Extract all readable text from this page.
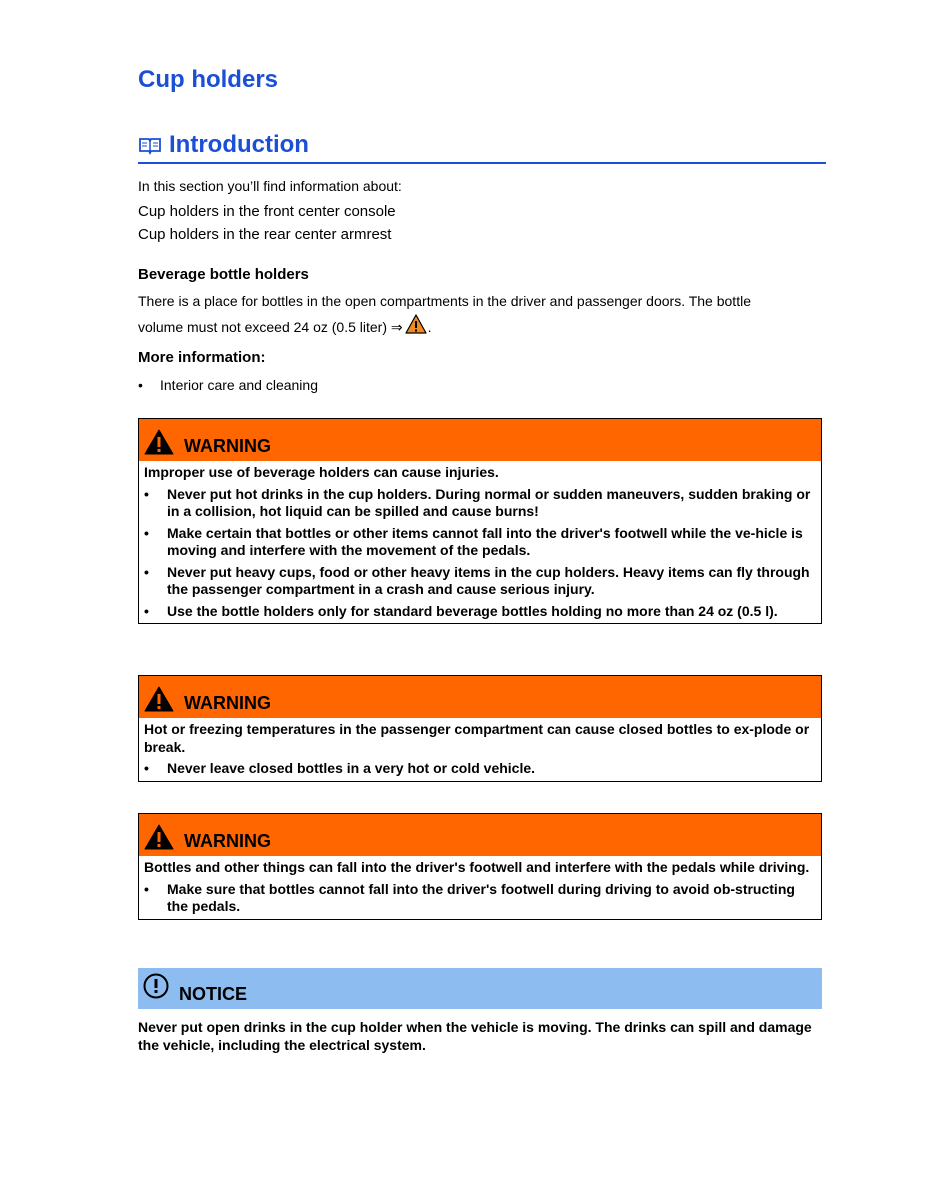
Cup holders
Introduction
In this section you’ll find information about:
Cup holders in the front center console
Cup holders in the rear center armrest
Beverage bottle holders
There is a place for bottles in the open compartments in the driver and passenger doors. The bottle
volume must not exceed 24 oz (0.5 liter) ⇒ .
More information:
•	Interior care and cleaning
WARNING
Improper use of beverage holders can cause injuries.
•	Never put hot drinks in the cup holders. During normal or sudden maneuvers, sudden braking or in a collision, hot liquid can be spilled and cause burns!
•	Make certain that bottles or other items cannot fall into the driver's footwell while the ve-hicle is moving and interfere with the movement of the pedals.
•	Never put heavy cups, food or other heavy items in the cup holders. Heavy items can fly through the passenger compartment in a crash and cause serious injury.
•	Use the bottle holders only for standard beverage bottles holding no more than 24 oz (0.5 l).
WARNING
Hot or freezing temperatures in the passenger compartment can cause closed bottles to ex-plode or break.
•	Never leave closed bottles in a very hot or cold vehicle.
WARNING
Bottles and other things can fall into the driver's footwell and interfere with the pedals while driving.
•	Make sure that bottles cannot fall into the driver's footwell during driving to avoid ob-structing the pedals.
NOTICE
Never put open drinks in the cup holder when the vehicle is moving. The drinks can spill and damage the vehicle, including the electrical system.
